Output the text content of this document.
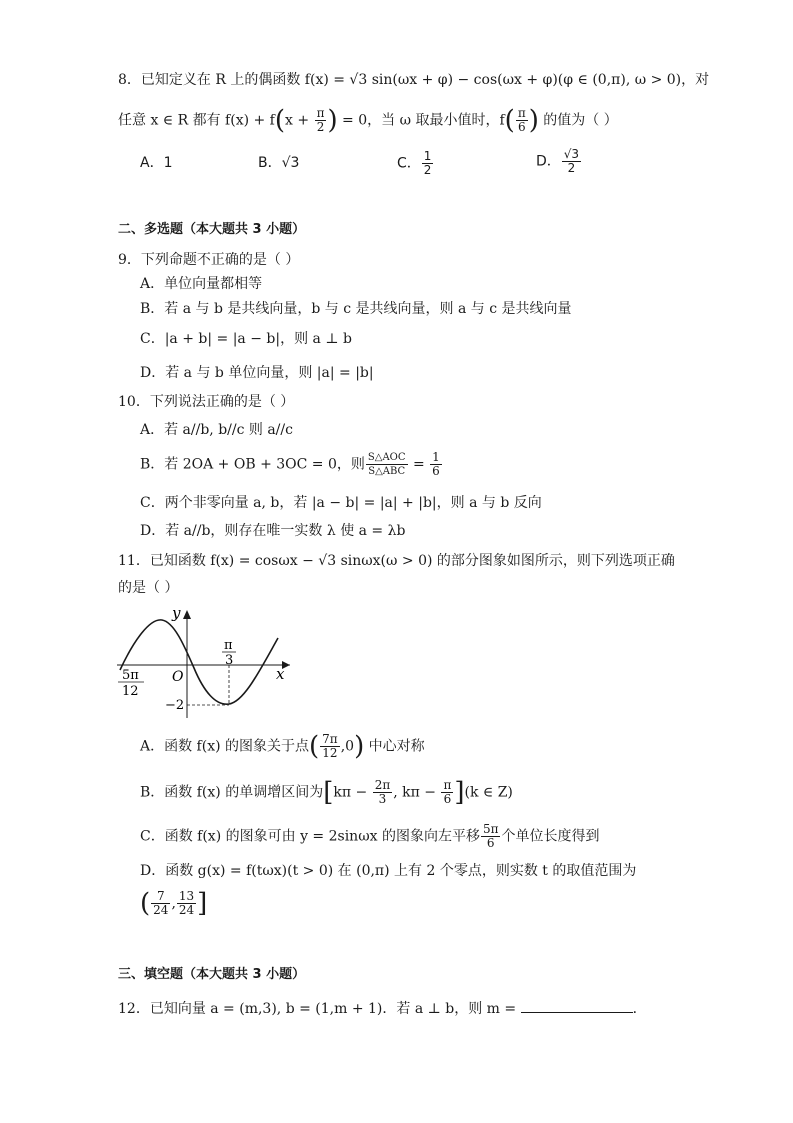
8．已知定义在 R 上的偶函数 f(x) = √3 sin(ωx + φ) − cos(ωx + φ)(φ ∈ (0,π), ω > 0)，对
任意 x ∈ R 都有 $f(x) + f(x + \frac{\pi}{2}$ ) = 0，当 ω 取最小值时，$f( \frac{\pi}{6}$ ) 的值为（ ）
A．1	B．√3	C． $\frac{1}{2}$	D． $\frac{√3}{2}$
二、多选题（本大题共 3 小题）
9．下列命题不正确的是（ ）
A．单位向量都相等
B．若 a 与 b 是共线向量，b 与 c 是共线向量，则 a 与 c 是共线向量
C．|a + b| = |a − b|，则 a ⊥ b
D．若 a 与 b 单位向量，则 |a| = |b|
10．下列说法正确的是（ ）
A．若 a//b, b//c 则 a//c
B．若 2OA + OB + 3OC = 0，则 $\frac{\text{S△AOC}}{\text{S△ABC}} = \frac{1}{6}$
C．两个非零向量 a, b，若 |a − b| = |a| + |b|，则 a 与 b 反向
D．若 a//b，则存在唯一实数 λ 使 a = λb
11．已知函数 f(x) = cosωx − √3 sinωx(ω > 0) 的部分图象如图所示，则下列选项正确
的是（ ）
y
x
O
π
3
5π
12
−2
A．函数 f(x) 的图象关于点( $\frac{7\pi}{12} ,0$) 中心对称
B．函数 f(x) 的单调增区间为[$k\pi - \frac{2\pi}{3}$ , $k\pi - \frac{\pi}{6} ](k$ ∈ Z)
C．函数 f(x) 的图象可由 y = 2sinωx 的图象向左平移 $\frac{5\pi}{6}$ 个单位长度得到
D．函数 g(x) = f(tωx)(t > 0) 在 (0,π) 上有 2 个零点，则实数 t 的取值范围为
( $\frac{7}{24}$ , $\frac{13}{24}$ ]
三、填空题（本大题共 3 小题）
12．已知向量 a = (m,3), b = (1,m + 1)．若 a ⊥ b，则 m =	．
